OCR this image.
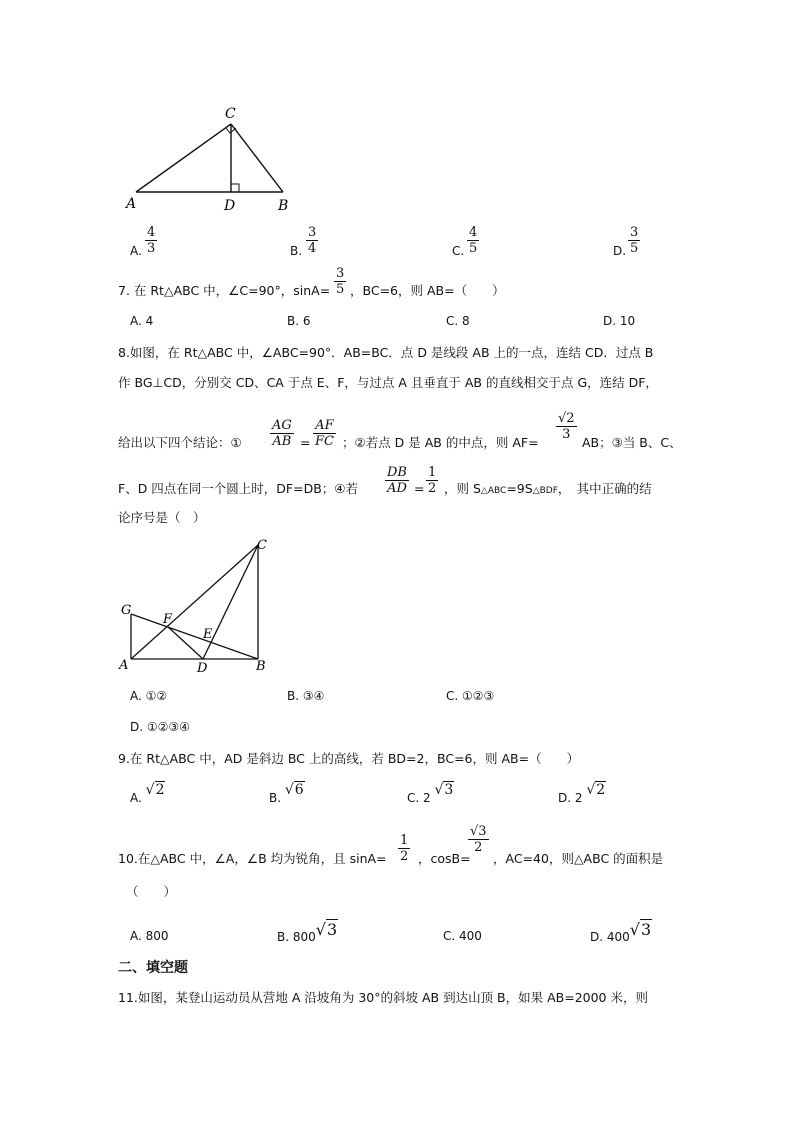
C
A	D	B
A. $\frac{4}{3}$	B. $\frac{3}{4}$	C. $\frac{4}{5}$	D. $\frac{3}{5}$
7. 在 Rt△ABC 中，∠C=90°，$\sin A= \frac{3}{5}$ ，BC=6，则 AB=（　　）
A. 4	B. 6	C. 8	D. 10
8.如图，在 Rt△ABC 中，∠ABC=90°．AB=BC．点 D 是线段 AB 上的一点，连结 CD．过点 B
作 BG⊥CD，分别交 CD、CA 于点 E、F，与过点 A 且垂直于 AB 的直线相交于点 G，连结 DF，
给出以下四个结论：① $\frac{AG}{AB} = \frac{AF}{FC}$ ；②若点 D 是 AB 的中点，则 AF=
$\frac{√2}{3}$
AB；③当 B、C、
F、D 四点在同一个圆上时，DF=DB；④若 $\frac{DB}{AD} = \frac{1}{2}$ ，则 S△ABC=9S△BDF，　其中正确的结
论序号是（　）
C
G
F
E
A	D	B
A. ①②	B. ③④	C. ①②③
D. ①②③④
9.在 Rt△ABC 中，AD 是斜边 BC 上的高线，若 BD=2，BC=6，则 AB=（　　）
A. √2	B. √6	C. 2 √3	D. 2 √2
10.在△ABC 中，∠A，∠B 均为锐角，且 $\sin A= \frac{1}{2}$ ，cosB=
$\frac{√3}{2}$
，AC=40，则△ABC 的面积是
（　　）
A. 800	B. 800√3	C. 400	D. 400√3
二、填空题
11.如图，某登山运动员从营地 A 沿坡角为 30°的斜坡 AB 到达山顶 B，如果 AB=2000 米，则
